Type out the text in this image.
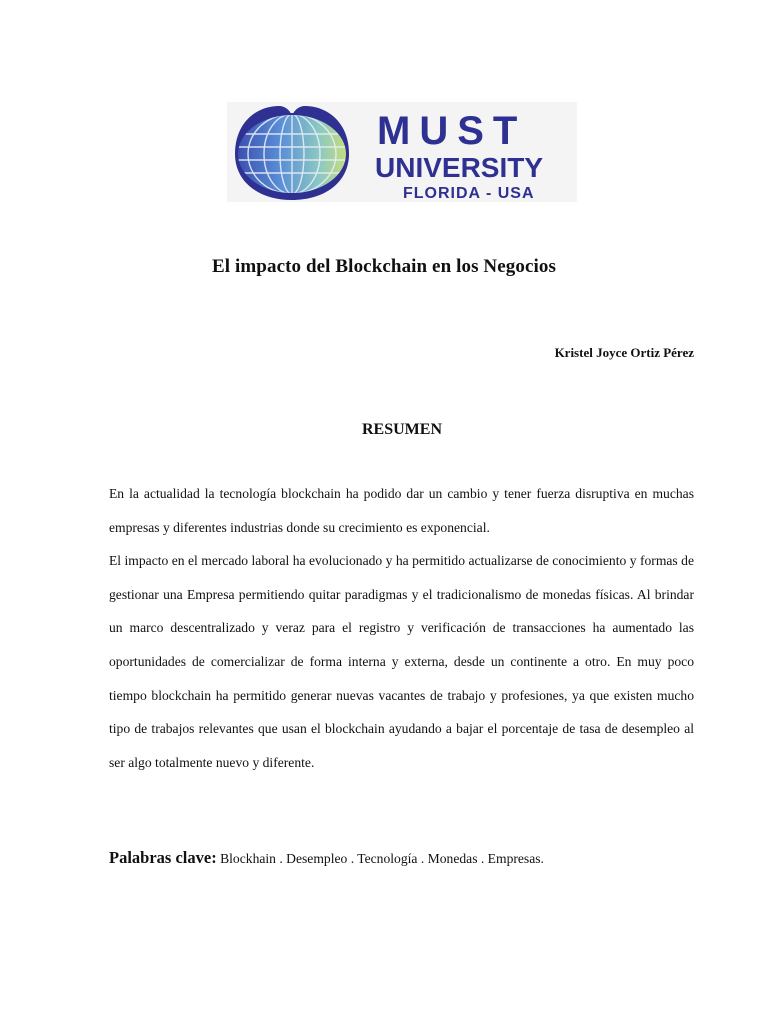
MUST
UNIVERSITY
FLORIDA - USA
El impacto del Blockchain en los Negocios

Kristel Joyce Ortiz Pérez

RESUMEN

En la actualidad la tecnología blockchain ha podido dar un cambio y tener fuerza disruptiva en muchas empresas y diferentes industrias donde su crecimiento es exponencial.

El impacto en el mercado laboral ha evolucionado y ha permitido actualizarse de conocimiento y formas de gestionar una Empresa permitiendo quitar paradigmas y el tradicionalismo de monedas físicas. Al brindar un marco descentralizado y veraz para el registro y verificación de transacciones ha aumentado las oportunidades de comercializar de forma interna y externa, desde un continente a otro. En muy poco tiempo blockchain ha permitido generar nuevas vacantes de trabajo y profesiones, ya que existen mucho tipo de trabajos relevantes que usan el blockchain ayudando a bajar el porcentaje de tasa de desempleo al ser algo totalmente nuevo y diferente.

Palabras clave: Blockhain . Desempleo . Tecnología . Monedas . Empresas.
